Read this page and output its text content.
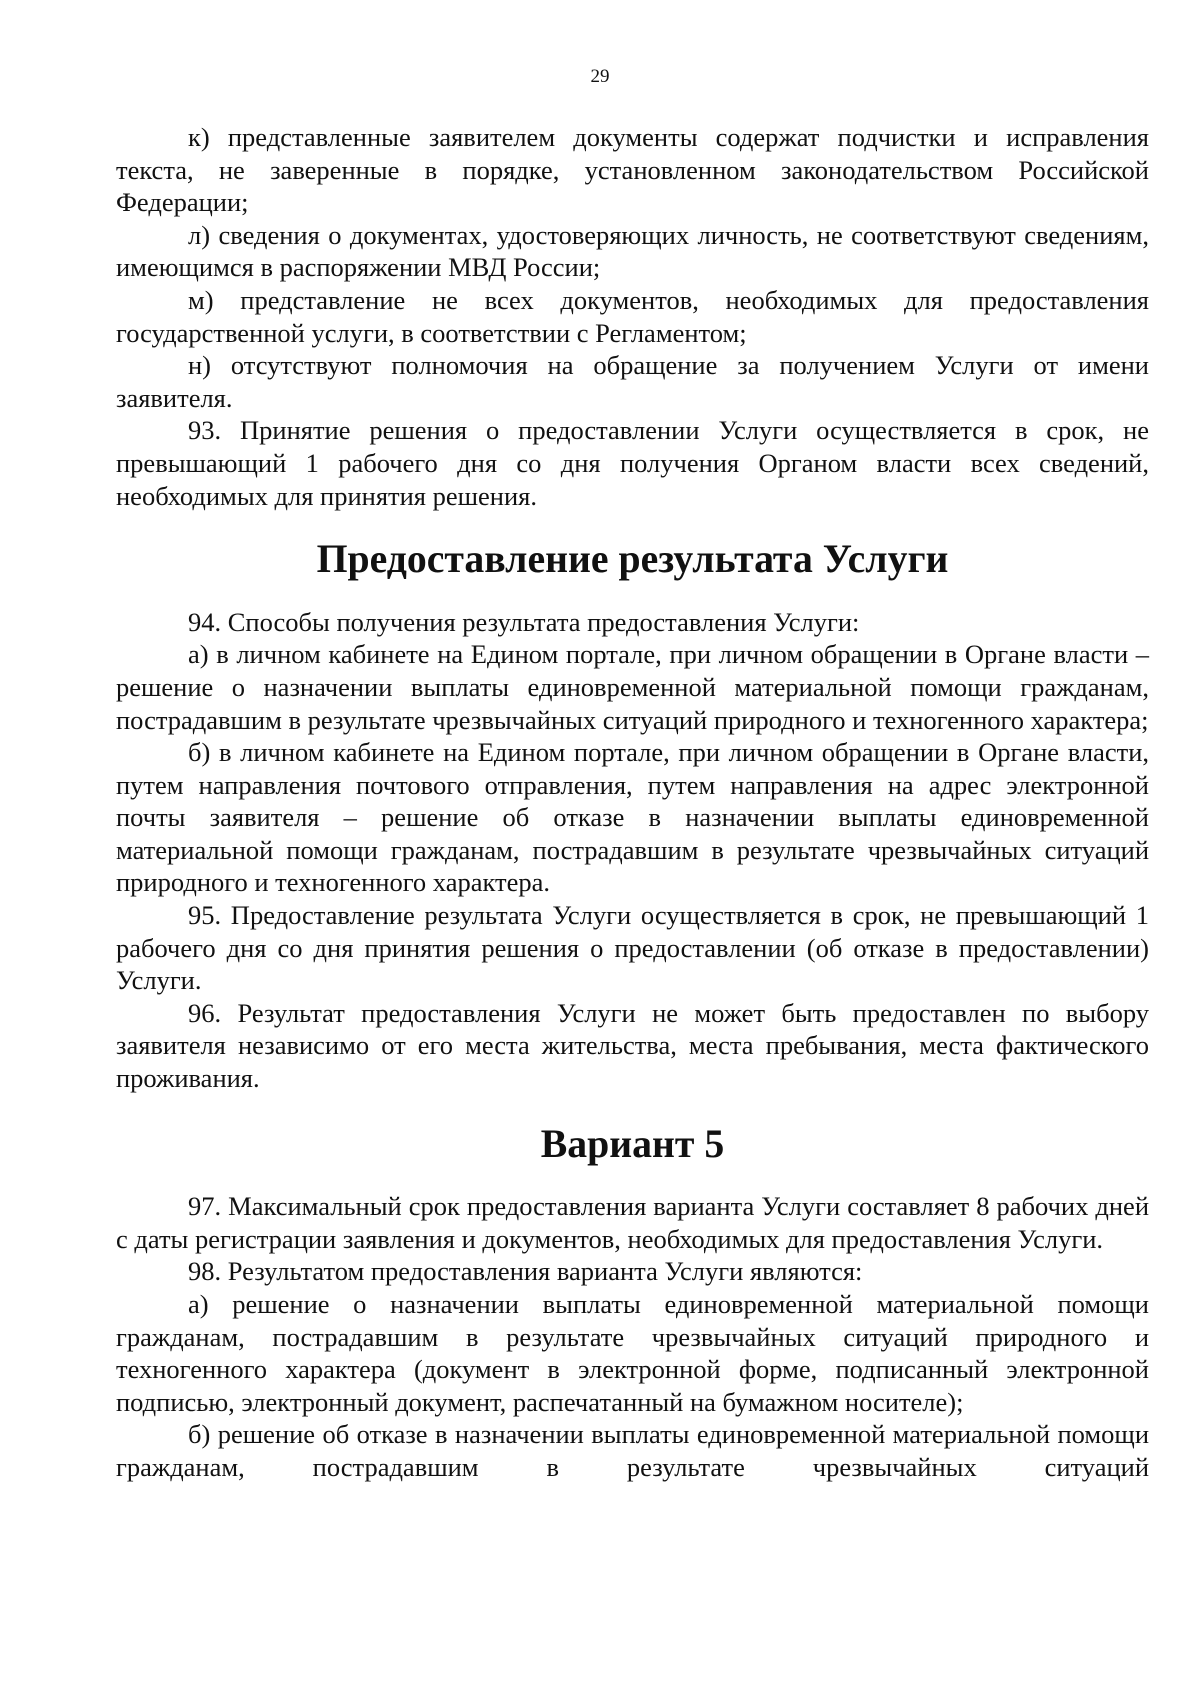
29

к) представленные заявителем документы содержат подчистки и исправления текста, не заверенные в порядке, установленном законодательством Российской Федерации;

л) сведения о документах, удостоверяющих личность, не соответствуют сведениям, имеющимся в распоряжении МВД России;

м) представление не всех документов, необходимых для предоставления государственной услуги, в соответствии с Регламентом;

н) отсутствуют полномочия на обращение за получением Услуги от имени заявителя.

93. Принятие решения о предоставлении Услуги осуществляется в срок, не превышающий 1 рабочего дня со дня получения Органом власти всех сведений, необходимых для принятия решения.

Предоставление результата Услуги

94. Способы получения результата предоставления Услуги:

а) в личном кабинете на Едином портале, при личном обращении в Органе власти – решение о назначении выплаты единовременной материальной помощи гражданам, пострадавшим в результате чрезвычайных ситуаций природного и техногенного характера;

б) в личном кабинете на Едином портале, при личном обращении в Органе власти, путем направления почтового отправления, путем направления на адрес электронной почты заявителя – решение об отказе в назначении выплаты единовременной материальной помощи гражданам, пострадавшим в результате чрезвычайных ситуаций природного и техногенного характера.

95. Предоставление результата Услуги осуществляется в срок, не превышающий 1 рабочего дня со дня принятия решения о предоставлении (об отказе в предоставлении) Услуги.

96. Результат предоставления Услуги не может быть предоставлен по выбору заявителя независимо от его места жительства, места пребывания, места фактического проживания.

Вариант 5

97. Максимальный срок предоставления варианта Услуги составляет 8 рабочих дней с даты регистрации заявления и документов, необходимых для предоставления Услуги.

98. Результатом предоставления варианта Услуги являются:

а) решение о назначении выплаты единовременной материальной помощи гражданам, пострадавшим в результате чрезвычайных ситуаций природного и техногенного характера (документ в электронной форме, подписанный электронной подписью, электронный документ, распечатанный на бумажном носителе);

б) решение об отказе в назначении выплаты единовременной материальной помощи гражданам, пострадавшим в результате чрезвычайных ситуаций
